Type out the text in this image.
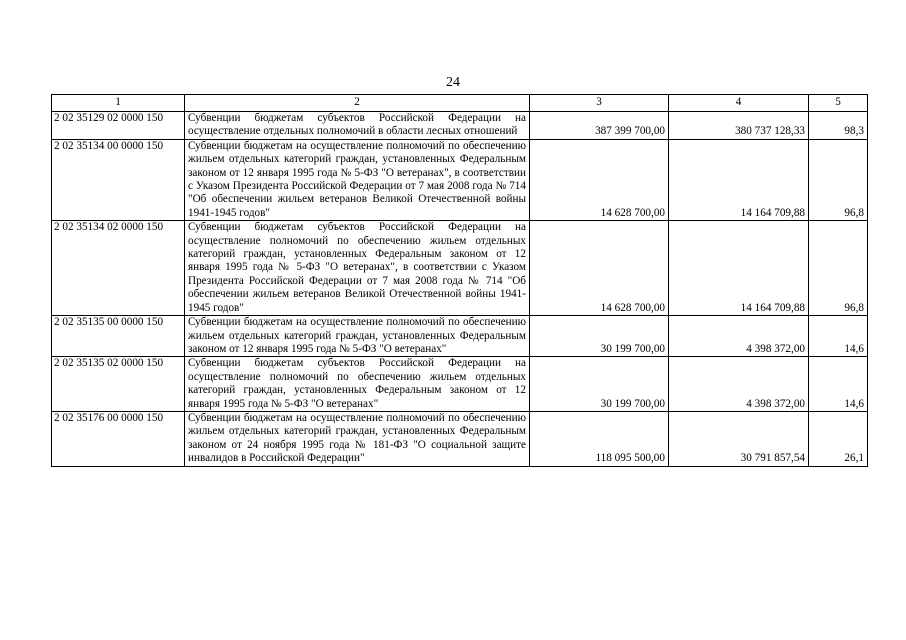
24
1	2	3	4	5
2 02 35129 02 0000 150	Субвенции бюджетам субъектов Российской Федерации на осуществление отдельных полномочий в области лесных отношений	387 399 700,00	380 737 128,33	98,3
2 02 35134 00 0000 150	Субвенции бюджетам на осуществление полномочий по обеспечению жильем отдельных категорий граждан, установленных Федеральным законом от 12 января 1995 года № 5-ФЗ "О ветеранах", в соответствии с Указом Президента Российской Федерации от 7 мая 2008 года № 714 "Об обеспечении жильем ветеранов Великой Отечественной войны 1941-1945 годов"	14 628 700,00	14 164 709,88	96,8
2 02 35134 02 0000 150	Субвенции бюджетам субъектов Российской Федерации на осуществление полномочий по обеспечению жильем отдельных категорий граждан, установленных Федеральным законом от 12 января 1995 года № 5-ФЗ "О ветеранах", в соответствии с Указом Президента Российской Федерации от 7 мая 2008 года № 714 "Об обеспечении жильем ветеранов Великой Отечественной войны 1941-1945 годов"	14 628 700,00	14 164 709,88	96,8
2 02 35135 00 0000 150	Субвенции бюджетам на осуществление полномочий по обеспечению жильем отдельных категорий граждан, установленных Федеральным законом от 12 января 1995 года № 5-ФЗ "О ветеранах"	30 199 700,00	4 398 372,00	14,6
2 02 35135 02 0000 150	Субвенции бюджетам субъектов Российской Федерации на осуществление полномочий по обеспечению жильем отдельных категорий граждан, установленных Федеральным законом от 12 января 1995 года № 5-ФЗ "О ветеранах"	30 199 700,00	4 398 372,00	14,6
2 02 35176 00 0000 150	Субвенции бюджетам на осуществление полномочий по обеспечению жильем отдельных категорий граждан, установленных Федеральным законом от 24 ноября 1995 года № 181-ФЗ "О социальной защите инвалидов в Российской Федерации"	118 095 500,00	30 791 857,54	26,1
